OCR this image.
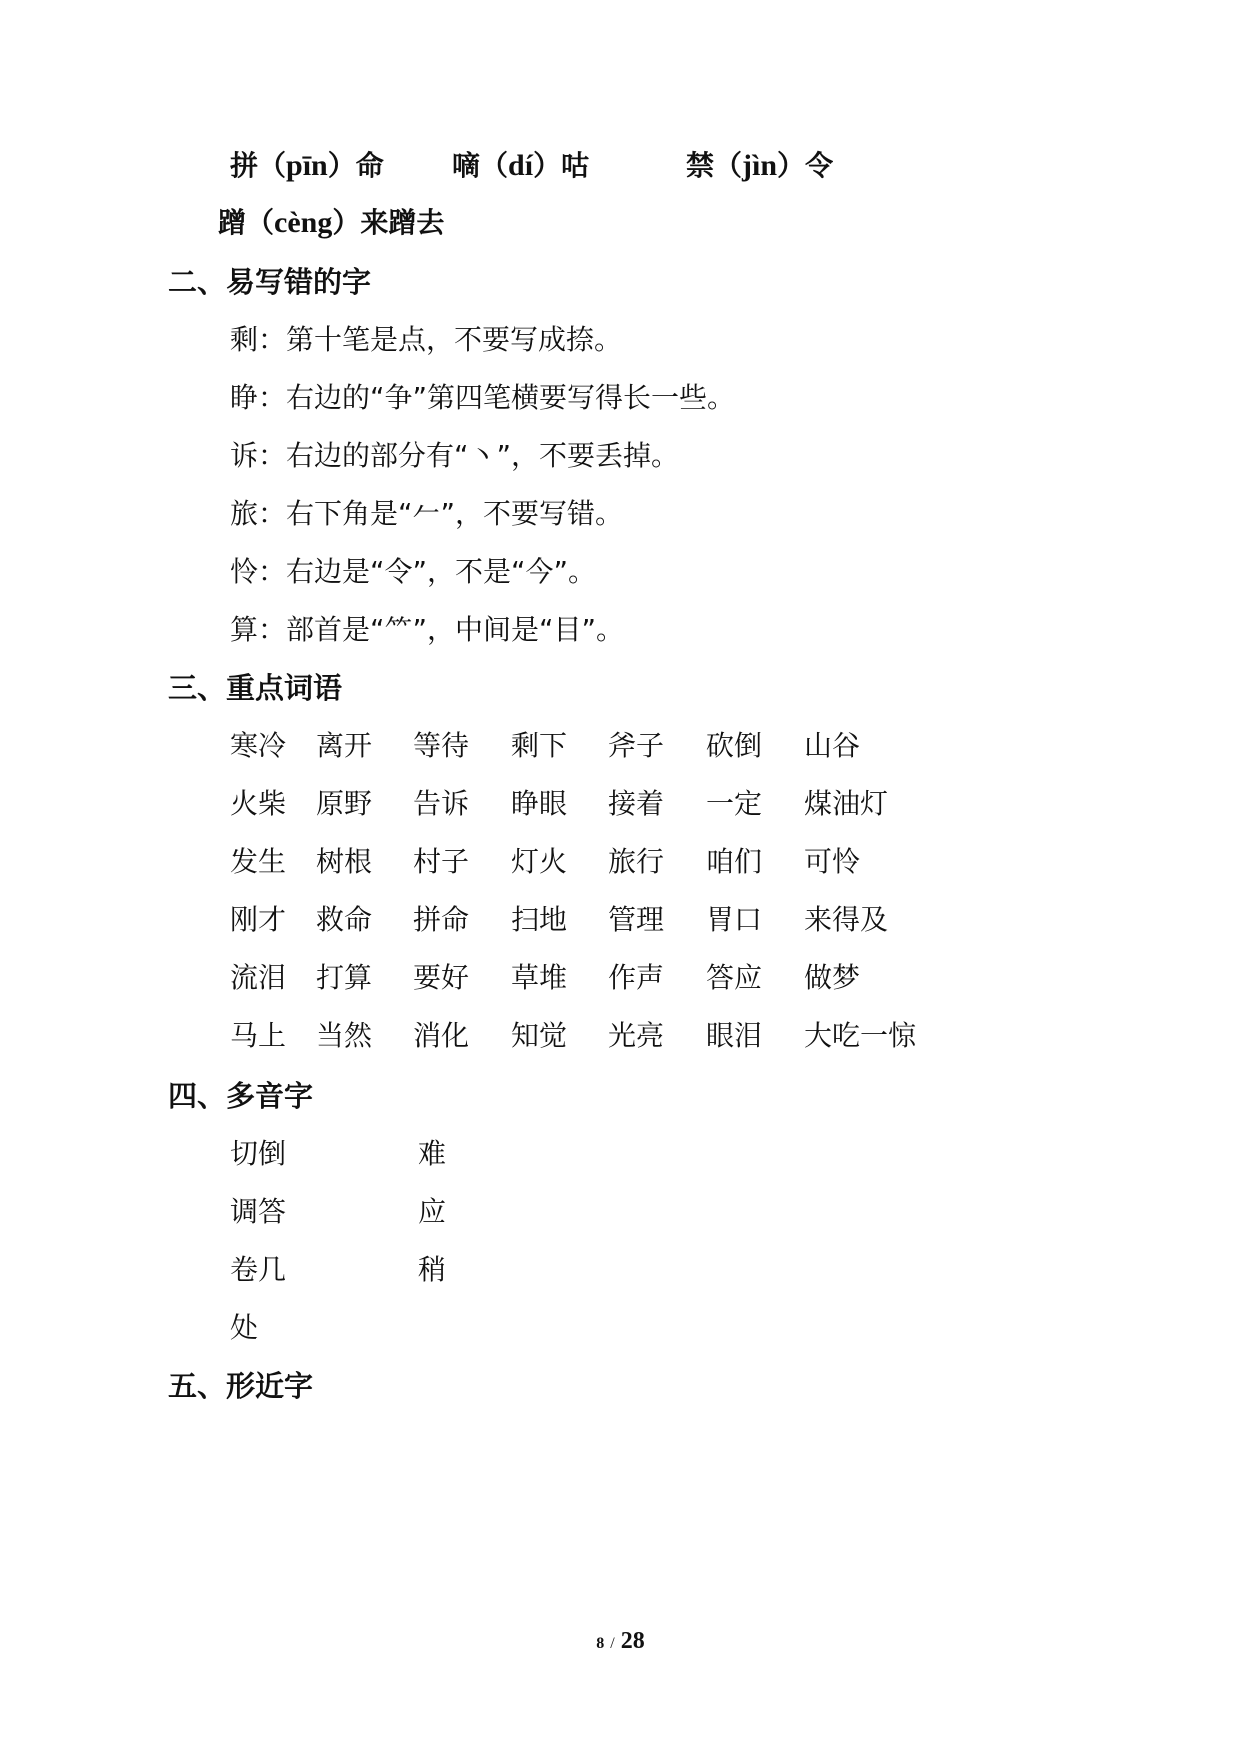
拼（pīn）命 嘀（dí）咕	禁（jìn）令
蹭（cèng）来蹭去
二、易写错的字
剩：第十笔是点，不要写成捺。
睁：右边的“争”第四笔横要写得长一些。
诉：右边的部分有“丶”，不要丢掉。
旅：右下角是“𠂉”，不要写错。
怜：右边是“令”，不是“今”。
算：部首是“⺮”，中间是“目”。
三、重点词语
寒冷 离开 等待 剩下 斧子 砍倒 山谷
火柴 原野 告诉 睁眼 接着 一定 煤油灯
发生 树根 村子 灯火 旅行 咱们 可怜
刚才 救命 拼命 扫地 管理 胃口 来得及
流泪 打算 要好 草堆 作声 答应 做梦
马上 当然 消化 知觉 光亮 眼泪 大吃一惊
四、多音字
切倒	难
调答	应
卷几	稍
处
五、形近字
8 / 28
